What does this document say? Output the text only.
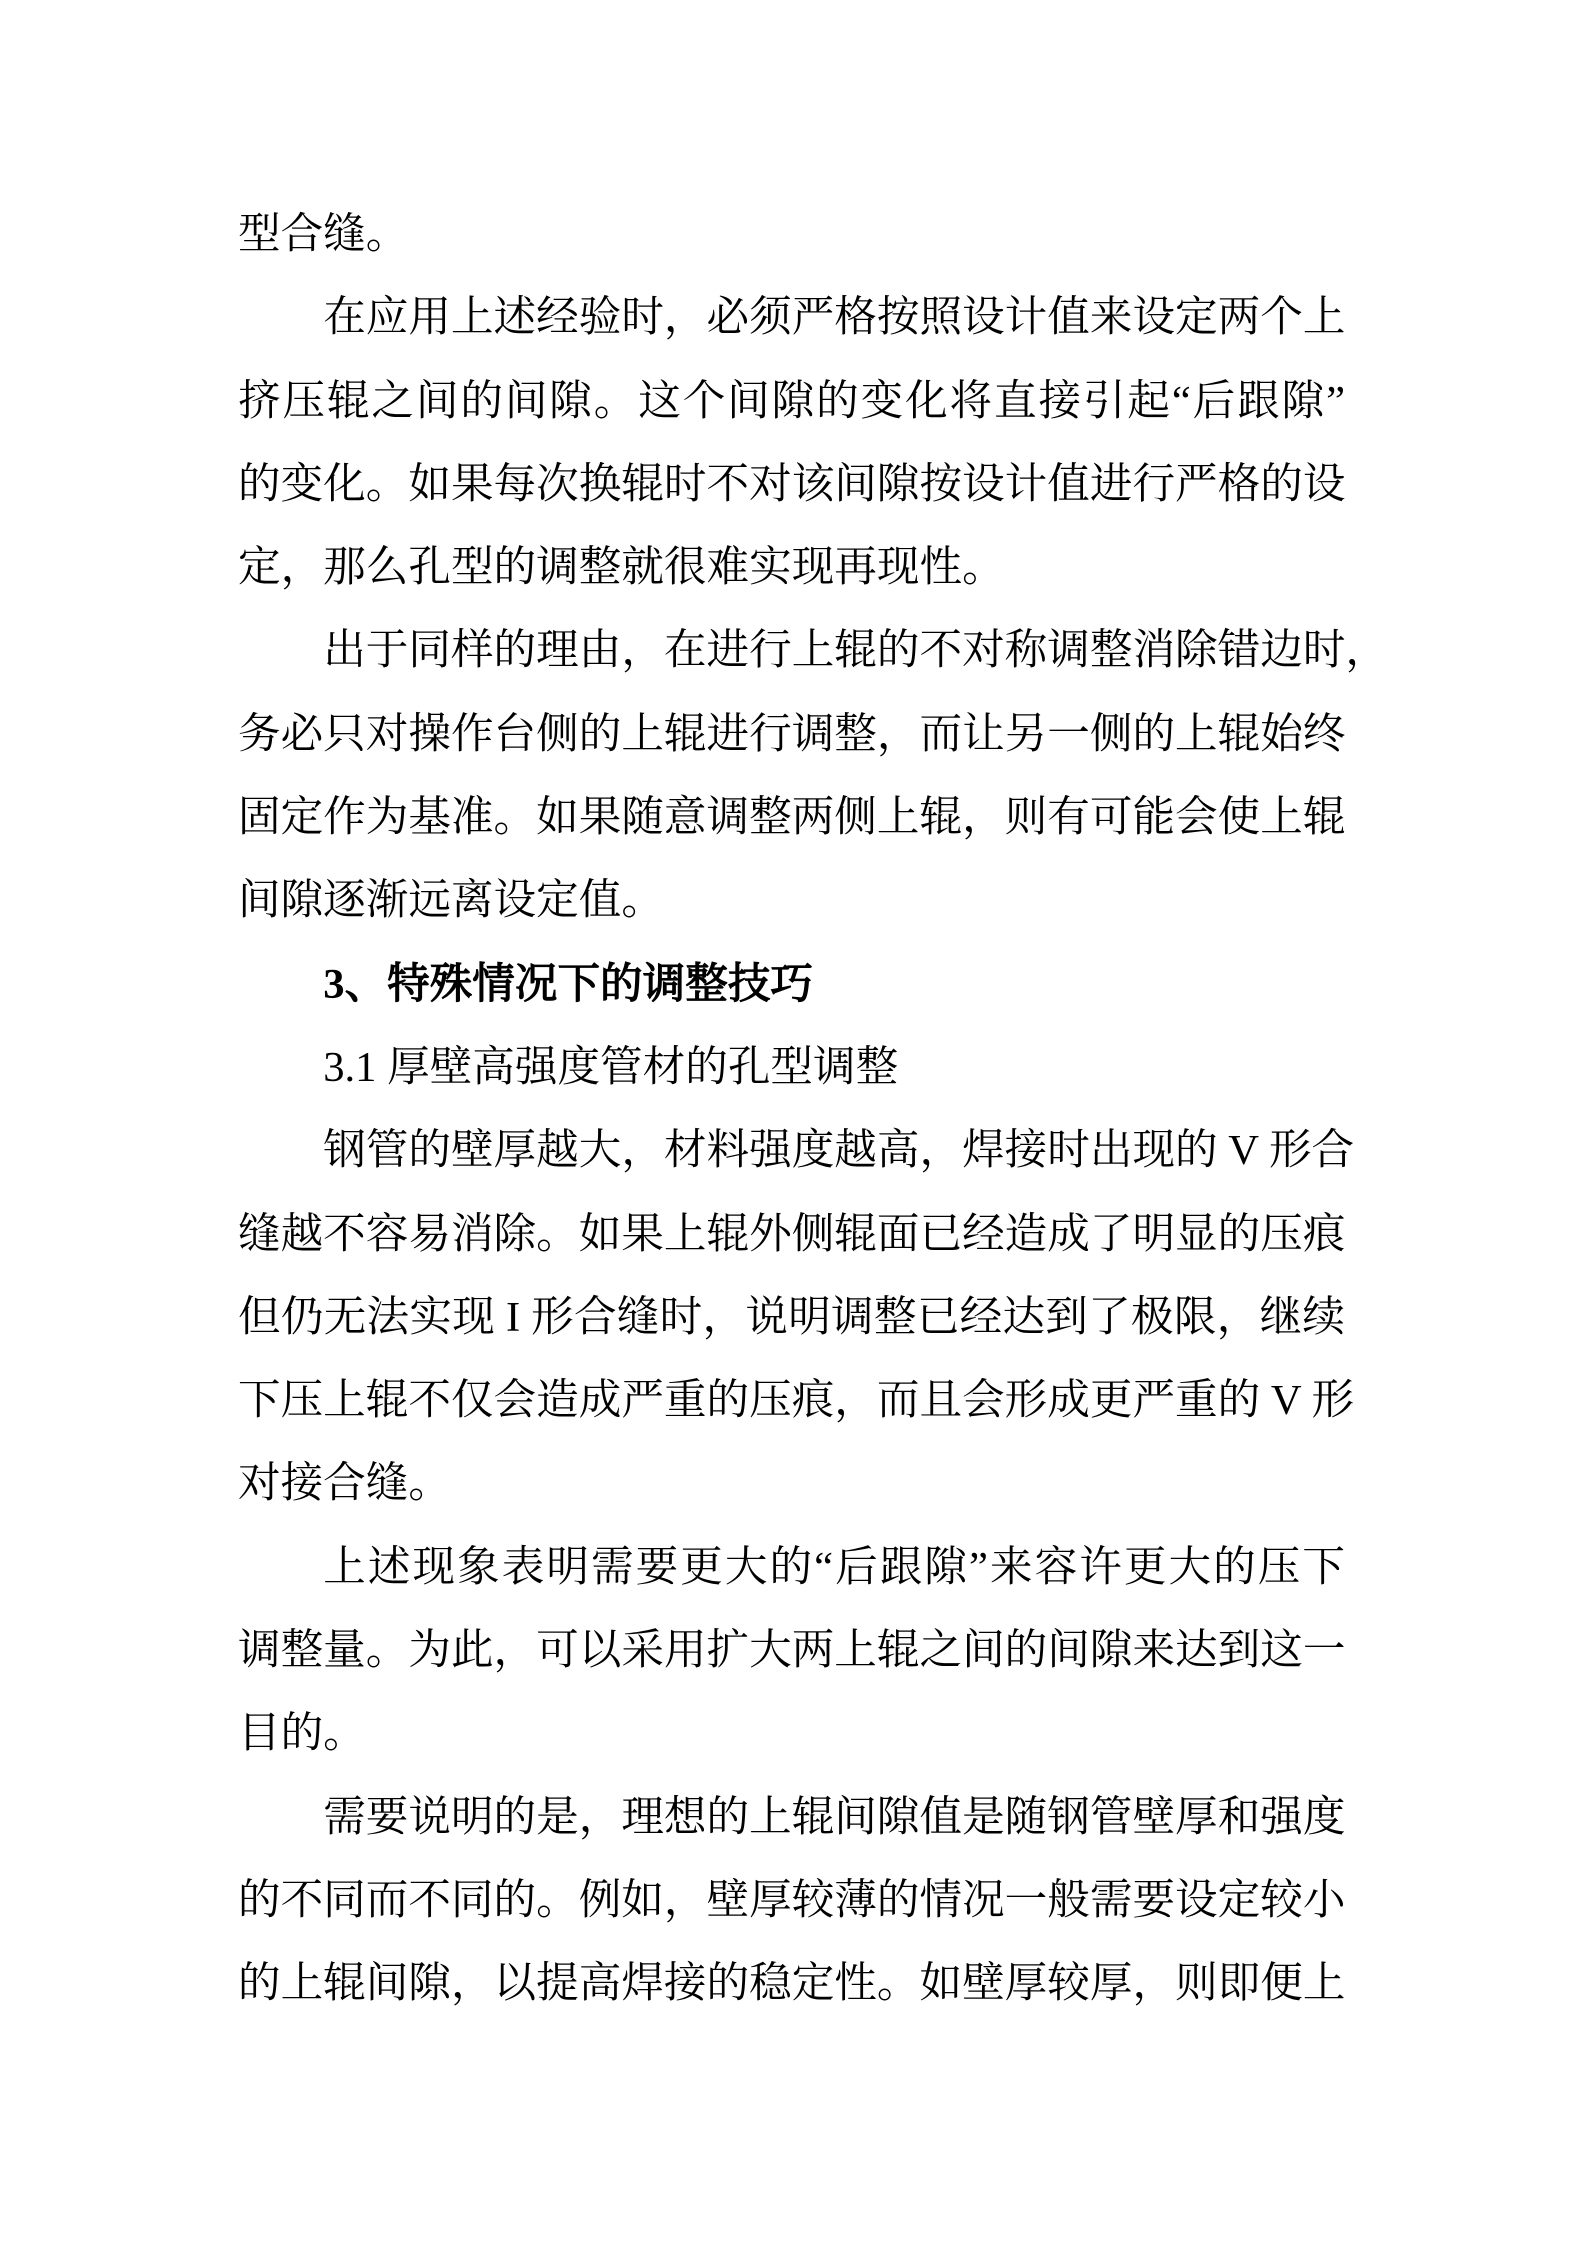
型合缝。
在应用上述经验时，必须严格按照设计值来设定两个上
挤压辊之间的间隙。这个间隙的变化将直接引起“后跟隙”
的变化。如果每次换辊时不对该间隙按设计值进行严格的设
定，那么孔型的调整就很难实现再现性。
出于同样的理由，在进行上辊的不对称调整消除错边时，
务必只对操作台侧的上辊进行调整，而让另一侧的上辊始终
固定作为基准。如果随意调整两侧上辊，则有可能会使上辊
间隙逐渐远离设定值。
3、特殊情况下的调整技巧
3.1 厚壁高强度管材的孔型调整
钢管的壁厚越大，材料强度越高，焊接时出现的 V 形合
缝越不容易消除。如果上辊外侧辊面已经造成了明显的压痕
但仍无法实现 I 形合缝时，说明调整已经达到了极限，继续
下压上辊不仅会造成严重的压痕，而且会形成更严重的 V 形
对接合缝。
上述现象表明需要更大的“后跟隙”来容许更大的压下
调整量。为此，可以采用扩大两上辊之间的间隙来达到这一
目的。
需要说明的是，理想的上辊间隙值是随钢管壁厚和强度
的不同而不同的。例如，壁厚较薄的情况一般需要设定较小
的上辊间隙，以提高焊接的稳定性。如壁厚较厚，则即便上
